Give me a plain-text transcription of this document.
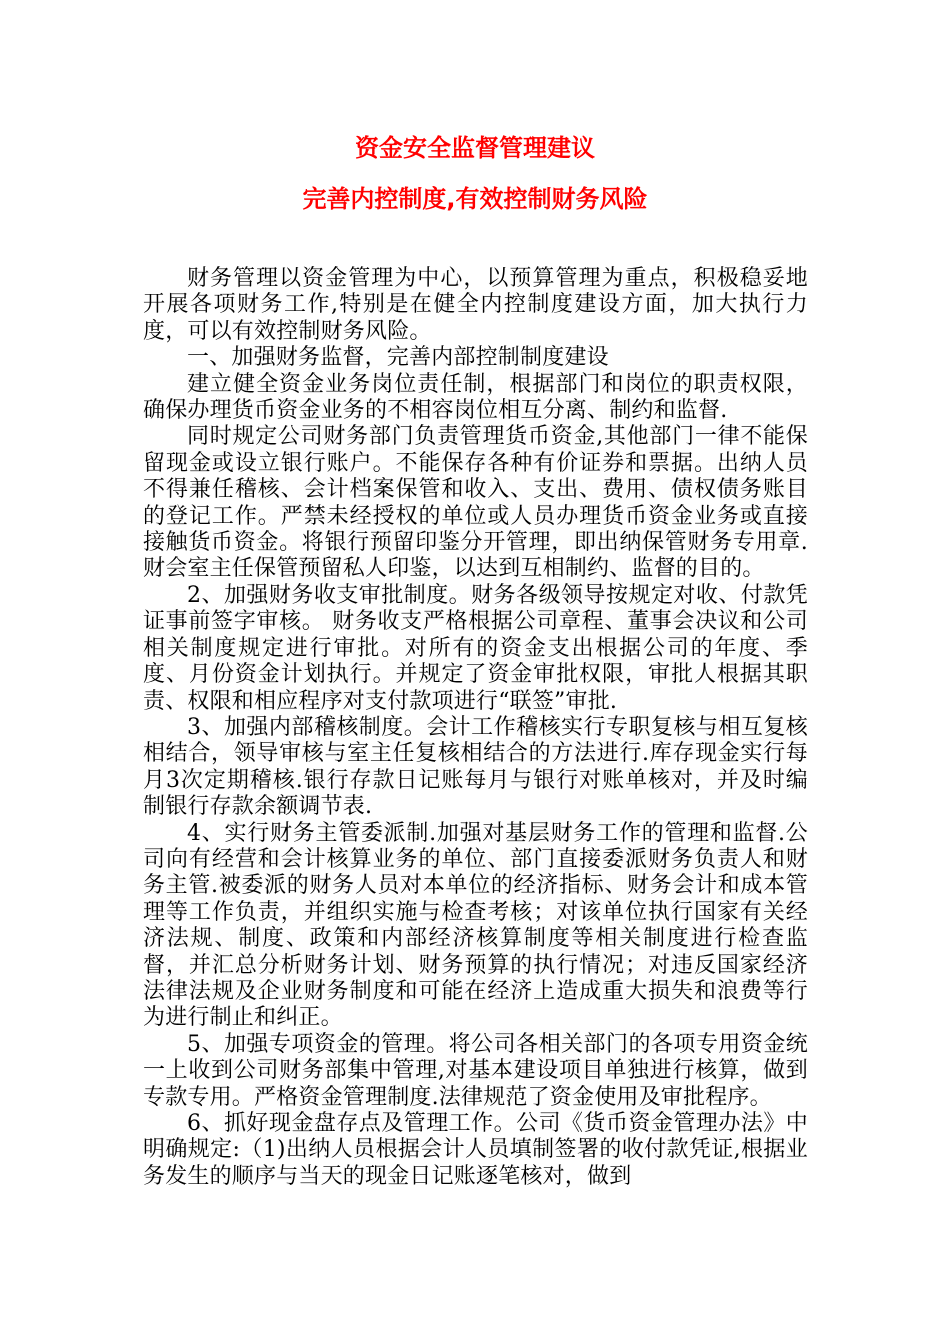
资金安全监督管理建议
完善内控制度,有效控制财务风险

财务管理以资金管理为中心，以预算管理为重点，积极稳妥地开展各项财务工作,特别是在健全内控制度建设方面，加大执行力度，可以有效控制财务风险。

一、加强财务监督，完善内部控制制度建设

建立健全资金业务岗位责任制，根据部门和岗位的职责权限，确保办理货币资金业务的不相容岗位相互分离、制约和监督.

同时规定公司财务部门负责管理货币资金,其他部门一律不能保留现金或设立银行账户。不能保存各种有价证券和票据。出纳人员不得兼任稽核、会计档案保管和收入、支出、费用、债权债务账目的登记工作。严禁未经授权的单位或人员办理货币资金业务或直接接触货币资金。将银行预留印鉴分开管理，即出纳保管财务专用章.财会室主任保管预留私人印鉴，以达到互相制约、监督的目的。

2、加强财务收支审批制度。财务各级领导按规定对收、付款凭证事前签字审核。 财务收支严格根据公司章程、董事会决议和公司相关制度规定进行审批。对所有的资金支出根据公司的年度、季度、月份资金计划执行。并规定了资金审批权限，审批人根据其职责、权限和相应程序对支付款项进行“联签”审批.

3、加强内部稽核制度。会计工作稽核实行专职复核与相互复核相结合，领导审核与室主任复核相结合的方法进行.库存现金实行每月3次定期稽核.银行存款日记账每月与银行对账单核对，并及时编制银行存款余额调节表.

4、实行财务主管委派制.加强对基层财务工作的管理和监督.公司向有经营和会计核算业务的单位、部门直接委派财务负责人和财务主管.被委派的财务人员对本单位的经济指标、财务会计和成本管理等工作负责，并组织实施与检查考核；对该单位执行国家有关经济法规、制度、政策和内部经济核算制度等相关制度进行检查监督，并汇总分析财务计划、财务预算的执行情况；对违反国家经济法律法规及企业财务制度和可能在经济上造成重大损失和浪费等行为进行制止和纠正。

5、加强专项资金的管理。将公司各相关部门的各项专用资金统一上收到公司财务部集中管理,对基本建设项目单独进行核算，做到专款专用。严格资金管理制度.法律规范了资金使用及审批程序。

6、抓好现金盘存点及管理工作。公司《货币资金管理办法》中明确规定:（1)出纳人员根据会计人员填制签署的收付款凭证,根据业务发生的顺序与当天的现金日记账逐笔核对，做到
